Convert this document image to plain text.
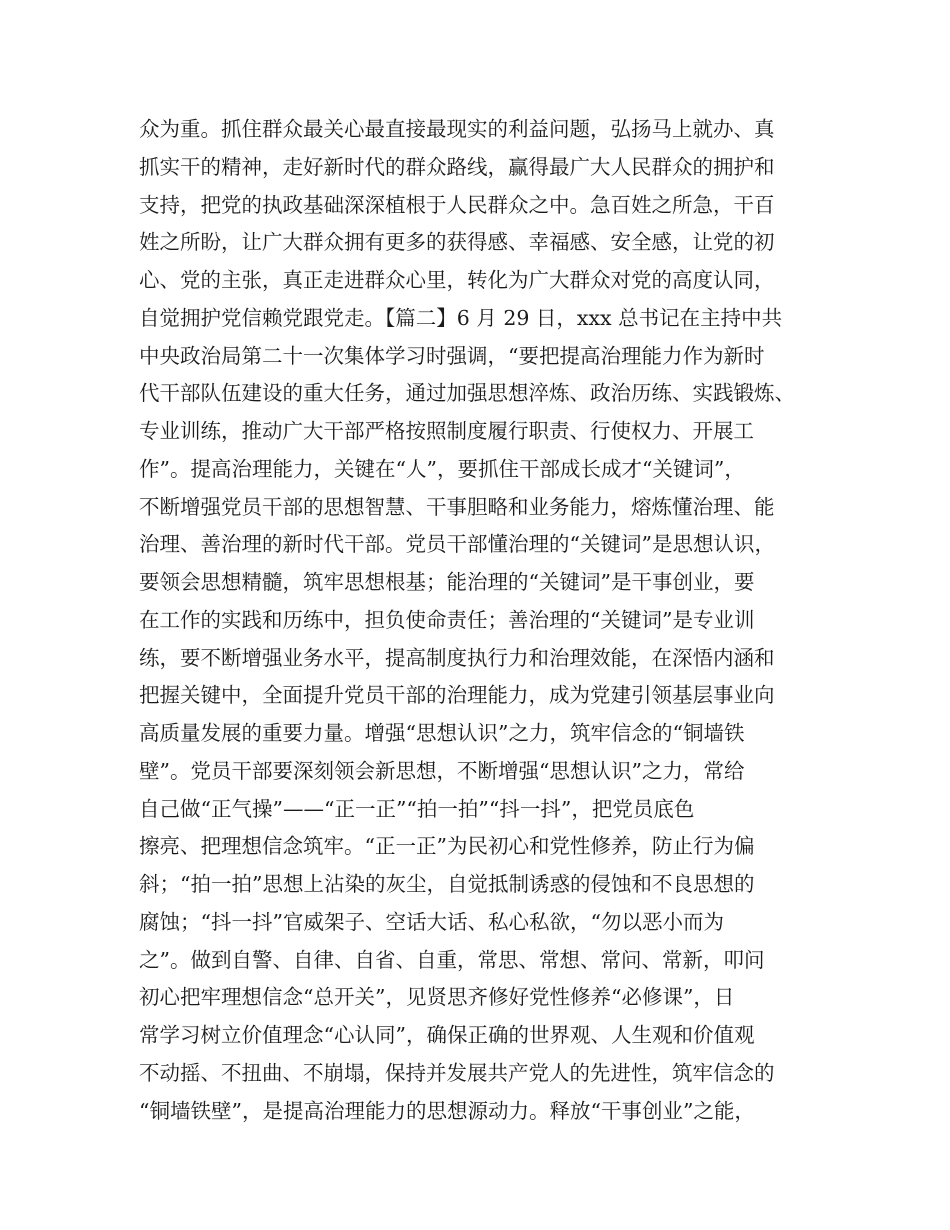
众为重。抓住群众最关心最直接最现实的利益问题，弘扬马上就办、真
抓实干的精神，走好新时代的群众路线，赢得最广大人民群众的拥护和
支持，把党的执政基础深深植根于人民群众之中。急百姓之所急，干百
姓之所盼，让广大群众拥有更多的获得感、幸福感、安全感，让党的初
心、党的主张，真正走进群众心里，转化为广大群众对党的高度认同，
自觉拥护党信赖党跟党走。【篇二】6 月 29 日，xxx 总书记在主持中共
中央政治局第二十一次集体学习时强调，“要把提高治理能力作为新时
代干部队伍建设的重大任务，通过加强思想淬炼、政治历练、实践锻炼、
专业训练，推动广大干部严格按照制度履行职责、行使权力、开展工
作”。提高治理能力，关键在“人”，要抓住干部成长成才“关键词”，
不断增强党员干部的思想智慧、干事胆略和业务能力，熔炼懂治理、能
治理、善治理的新时代干部。党员干部懂治理的“关键词”是思想认识，
要领会思想精髓，筑牢思想根基；能治理的“关键词”是干事创业，要
在工作的实践和历练中，担负使命责任；善治理的“关键词”是专业训
练，要不断增强业务水平，提高制度执行力和治理效能，在深悟内涵和
把握关键中，全面提升党员干部的治理能力，成为党建引领基层事业向
高质量发展的重要力量。增强“思想认识”之力，筑牢信念的“铜墙铁
壁”。党员干部要深刻领会新思想，不断增强“思想认识”之力，常给
自己做“正气操”——“正一正”“拍一拍”“抖一抖”，把党员底色
擦亮、把理想信念筑牢。“正一正”为民初心和党性修养，防止行为偏
斜；“拍一拍”思想上沾染的灰尘，自觉抵制诱惑的侵蚀和不良思想的
腐蚀；“抖一抖”官威架子、空话大话、私心私欲，“勿以恶小而为
之”。做到自警、自律、自省、自重，常思、常想、常问、常新，叩问
初心把牢理想信念“总开关”，见贤思齐修好党性修养“必修课”，日
常学习树立价值理念“心认同”，确保正确的世界观、人生观和价值观
不动摇、不扭曲、不崩塌，保持并发展共产党人的先进性，筑牢信念的
“铜墙铁壁”，是提高治理能力的思想源动力。释放“干事创业”之能，
